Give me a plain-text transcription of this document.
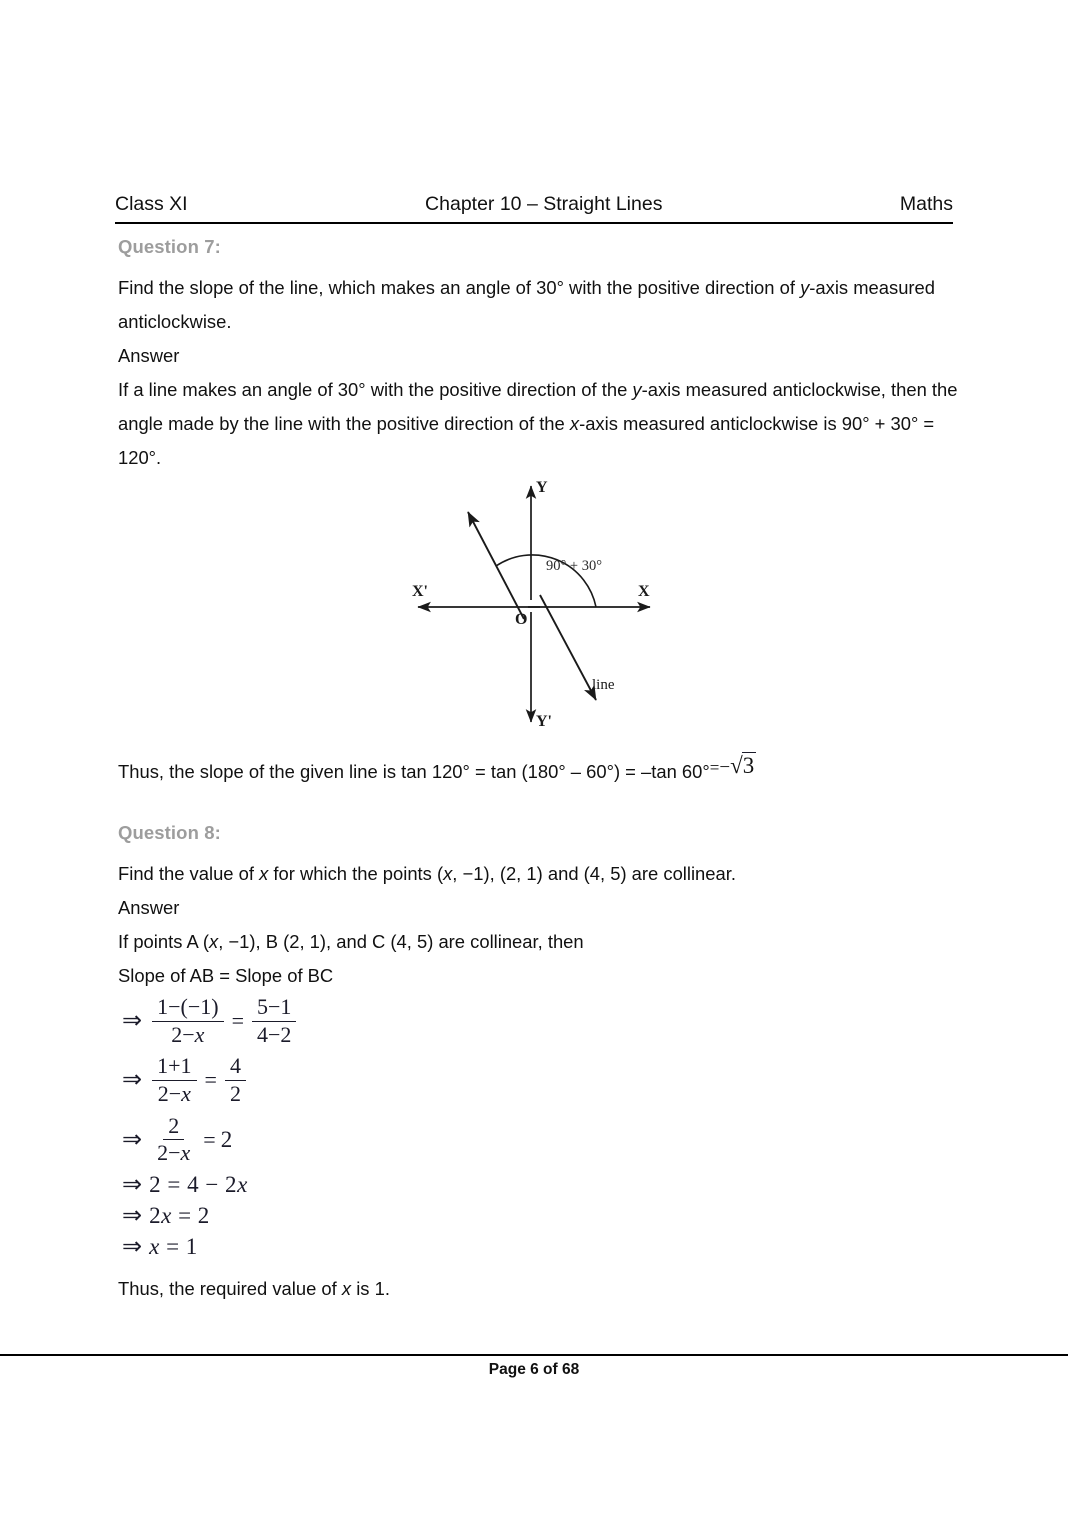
Class XI	Chapter 10 – Straight Lines	Maths

Question 7:

Find the slope of the line, which makes an angle of 30° with the positive direction of y-axis measured anticlockwise.

Answer

If a line makes an angle of 30° with the positive direction of the y-axis measured anticlockwise, then the angle made by the line with the positive direction of the x-axis measured anticlockwise is 90° + 30° = 120°.

X
X'
Y
Y'
O
90° + 30°
line

Thus, the slope of the given line is tan 120° = tan (180° – 60°) = –tan 60°

=−√3

Question 8:

Find the value of x for which the points (x, −1), (2, 1) and (4, 5) are collinear.

Answer

If points A (x, −1), B (2, 1), and C (4, 5) are collinear, then

Slope of AB = Slope of BC

⇒ $\frac{1-(-1)}{2-x} = \frac{5-1}{4-2}$
⇒ $\frac{1+1}{2-x} = \frac{4}{2}$
⇒ $\frac{2}{2-x} = 2$
⇒ 2 = 4 − 2x
⇒ 2x = 2
⇒ x = 1

Thus, the required value of x is 1.

Page 6 of 68
